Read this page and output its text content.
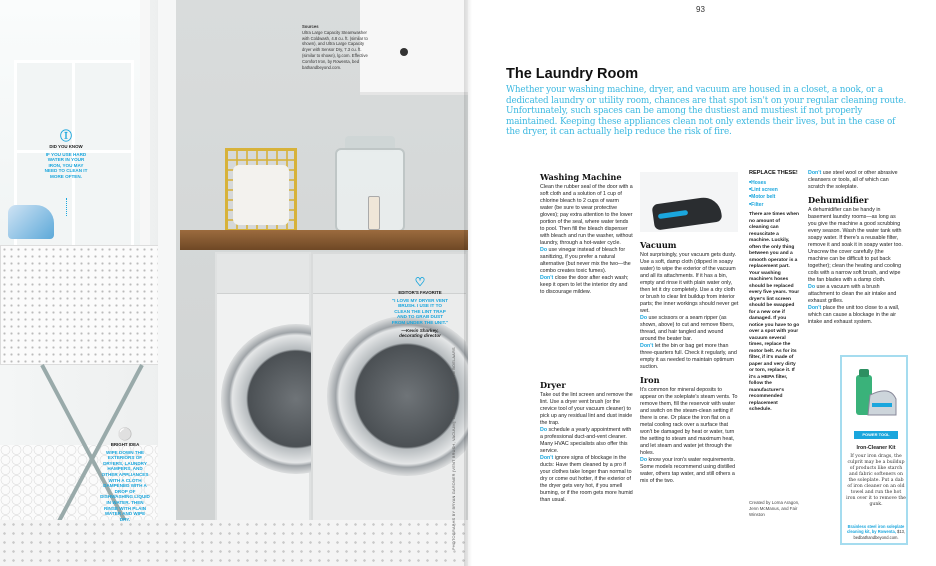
Sources
Ultra Large Capacity Steamwasher with Coldwash, 4.8 cu. ft. (similar to shown), and Ultra Large Capacity dryer with Sensor Dry, 7.3 cu. ft. (similar to shown), lg.com. Effective Comfort Iron, by Rowenta, bed bathandbeyond.com.
Ⓘ
DID YOU KNOW
IF YOU USE HARD WATER IN YOUR IRON, YOU MAY NEED TO CLEAN IT MORE OFTEN.
⚪
BRIGHT IDEA
WIPE DOWN THE EXTERIORS OF DRYERS, LAUNDRY HAMPERS, AND OTHER APPLIANCES WITH A CLOTH DAMPENED WITH A DROP OF DISHWASHING LIQUID IN WATER. THEN RINSE WITH PLAIN WATER AND WIPE DRY.
♡
EDITOR'S FAVORITE
"I LOVE MY DRYER VENT BRUSH. I USE IT TO CLEAN THE LINT TRAP AND TO GRAB DUST FROM UNDER THE UNIT."
—Kevin Sharkey, decorating director
PHOTOGRAPHS BY BRYAN GARDNER (VENT BRUSH, VACUUM); ILLUSTRATIONS BY TIM BOELAARS
93
The Laundry Room
Whether your washing machine, dryer, and vacuum are housed in a closet, a nook, or a dedicated laundry or utility room, chances are that spot isn't on your regular cleaning route. Unfortunately, such spaces can be among the dustiest and mustiest if not properly maintained. Keeping these appliances clean not only extends their lives, but in the case of the dryer, it can actually help reduce the risk of fire.
Washing Machine

Clean the rubber seal of the door with a soft cloth and a solution of 1 cup of chlorine bleach to 2 cups of warm water (be sure to wear protective gloves); pay extra attention to the lower portion of the seal, where water tends to pool. Then fill the bleach dispenser with bleach and run the washer, without laundry, through a hot-water cycle.

Do use vinegar instead of bleach for sanitizing, if you prefer a natural alternative (but never mix the two—the combo creates toxic fumes).

Don't close the door after each wash; keep it open to let the interior dry and to discourage mildew.

Dryer

Take out the lint screen and remove the lint. Use a dryer vent brush (or the crevice tool of your vacuum cleaner) to pick up any residual lint and dust inside the trap.

Do schedule a yearly appointment with a professional duct-and-vent cleaner. Many HVAC specialists also offer this service.

Don't ignore signs of blockage in the ducts: Have them cleaned by a pro if your clothes take longer than normal to dry or come out hotter, if the exterior of the dryer gets very hot, if you smell burning, or if the room gets more humid than usual.

Vacuum

Not surprisingly, your vacuum gets dusty. Use a soft, damp cloth (dipped in soapy water) to wipe the exterior of the vacuum and all its attachments. If it has a bin, empty and rinse it with plain water only, then let it dry completely. Use a dry cloth or brush to clear lint buildup from interior parts; the inner workings should never get wet.

Do use scissors or a seam ripper (as shown, above) to cut and remove fibers, thread, and hair tangled and wound around the beater bar.

Don't let the bin or bag get more than three-quarters full. Check it regularly, and empty it as needed to maintain optimum suction.

Iron

It's common for mineral deposits to appear on the soleplate's steam vents. To remove them, fill the reservoir with water and switch on the steam-clean setting if there is one. Or place the iron flat on a metal cooling rack over a surface that won't be damaged by heat or water, turn the setting to steam and maximum heat, and let steam and water jet through the holes.

Do know your iron's water requirements. Some models recommend using distilled water, others tap water, and still others a mix of the two.

REPLACE THESE!
■ Hoses
■ Lint screen
■ Motor belt
■ Filter
There are times when no amount of cleaning can resuscitate a machine. Luckily, often the only thing between you and a smooth operator is a replacement part. Your washing machine's hoses should be replaced every five years. Your dryer's lint screen should be swapped for a new one if damaged. If you notice you have to go over a spot with your vacuum several times, replace the motor belt. As for its filter, if it's made of paper and very dirty or torn, replace it. If it's a HEPA filter, follow the manufacturer's recommended replacement schedule.
Created by Lorna Aragon, Jenn McManus, and Fair Winston

Don't use steel wool or other abrasive cleansers or tools, all of which can scratch the soleplate.

Dehumidifier

A dehumidifier can be handy in basement laundry rooms—as long as you give the machine a good scrubbing every season. Wash the water tank with soapy water. If there's a reusable filter, remove it and soak it in soapy water too. Unscrew the cover carefully (the machine can be difficult to put back together); clean the heating and cooling coils with a narrow soft brush, and wipe the fan blades with a damp cloth.

Do use a vacuum with a brush attachment to clean the air intake and exhaust grilles.

Don't place the unit too close to a wall, which can cause a blockage in the air intake and exhaust system.

POWER TOOL
Iron-Cleaner Kit
If your iron drags, the culprit may be a buildup of products like starch and fabric softeners on the soleplate. Put a dab of iron cleaner on an old towel and run the hot iron over it to remove the gunk.
Brainless steel iron soleplate cleaning kit, by Rowenta, $13, bedbathandbeyond.com.
